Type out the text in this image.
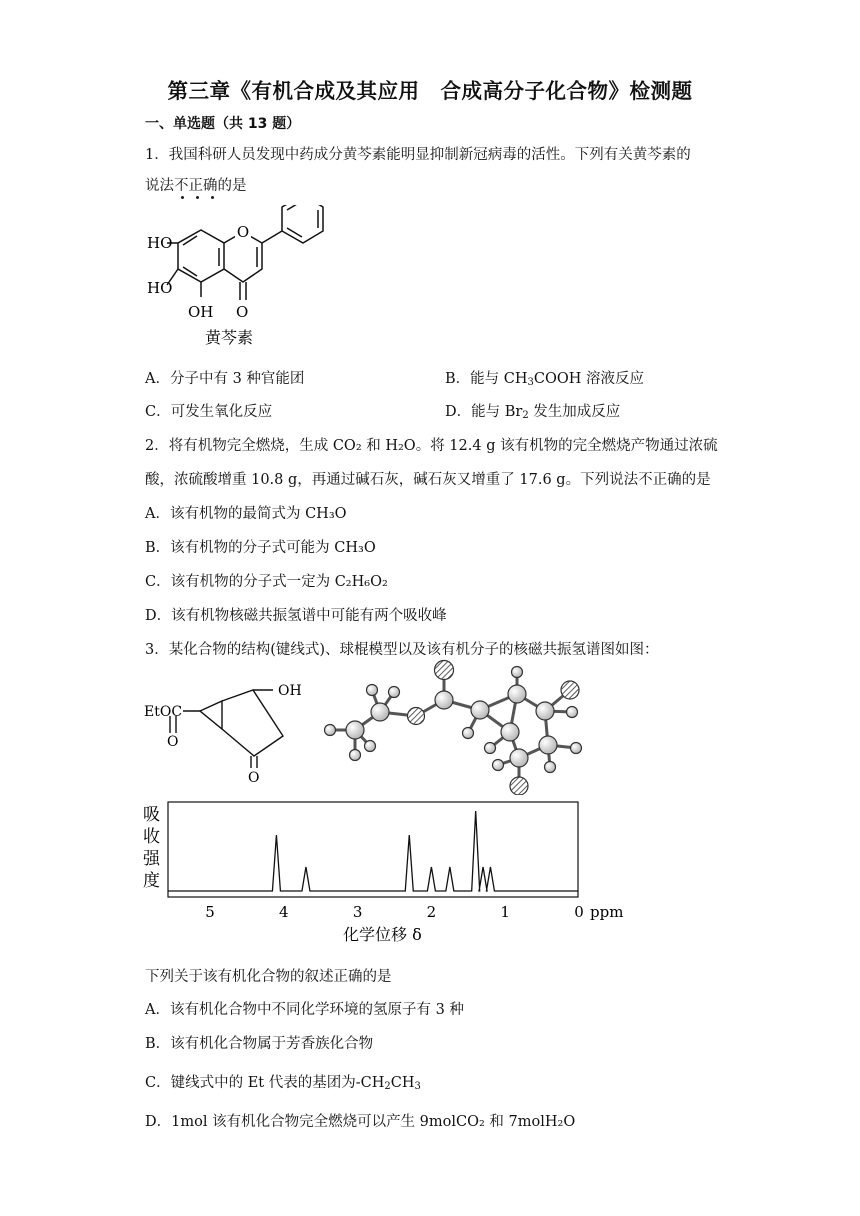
第三章《有机合成及其应用　合成高分子化合物》检测题
一、单选题（共 13 题）
1．我国科研人员发现中药成分黄芩素能明显抑制新冠病毒的活性。下列有关黄芩素的
说法不正确的是
O
HO
HO
OH O
黄芩素
A．分子中有 3 种官能团	B．能与 $CH_3COOH$ 溶液反应
C．可发生氧化反应	D．能与 $Br_2$ 发生加成反应
2．将有机物完全燃烧，生成 CO₂ 和 H₂O。将 12.4 g 该有机物的完全燃烧产物通过浓硫
酸，浓硫酸增重 10.8 g，再通过碱石灰，碱石灰又增重了 17.6 g。下列说法不正确的是
A．该有机物的最简式为 CH₃O
B．该有机物的分子式可能为 CH₃O
C．该有机物的分子式一定为 C₂H₆O₂
D．该有机物核磁共振氢谱中可能有两个吸收峰
3．某化合物的结构(键线式)、球棍模型以及该有机分子的核磁共振氢谱图如图：
EtOC
OH
O
O
吸
收
强
度
5	4	3	2	1	0 ppm
化学位移 δ
下列关于该有机化合物的叙述正确的是
A．该有机化合物中不同化学环境的氢原子有 3 种
B．该有机化合物属于芳香族化合物
C．键线式中的 Et 代表的基团为$-CH_2CH_3$
D．1mol 该有机化合物完全燃烧可以产生 9molCO₂ 和 7molH₂O
